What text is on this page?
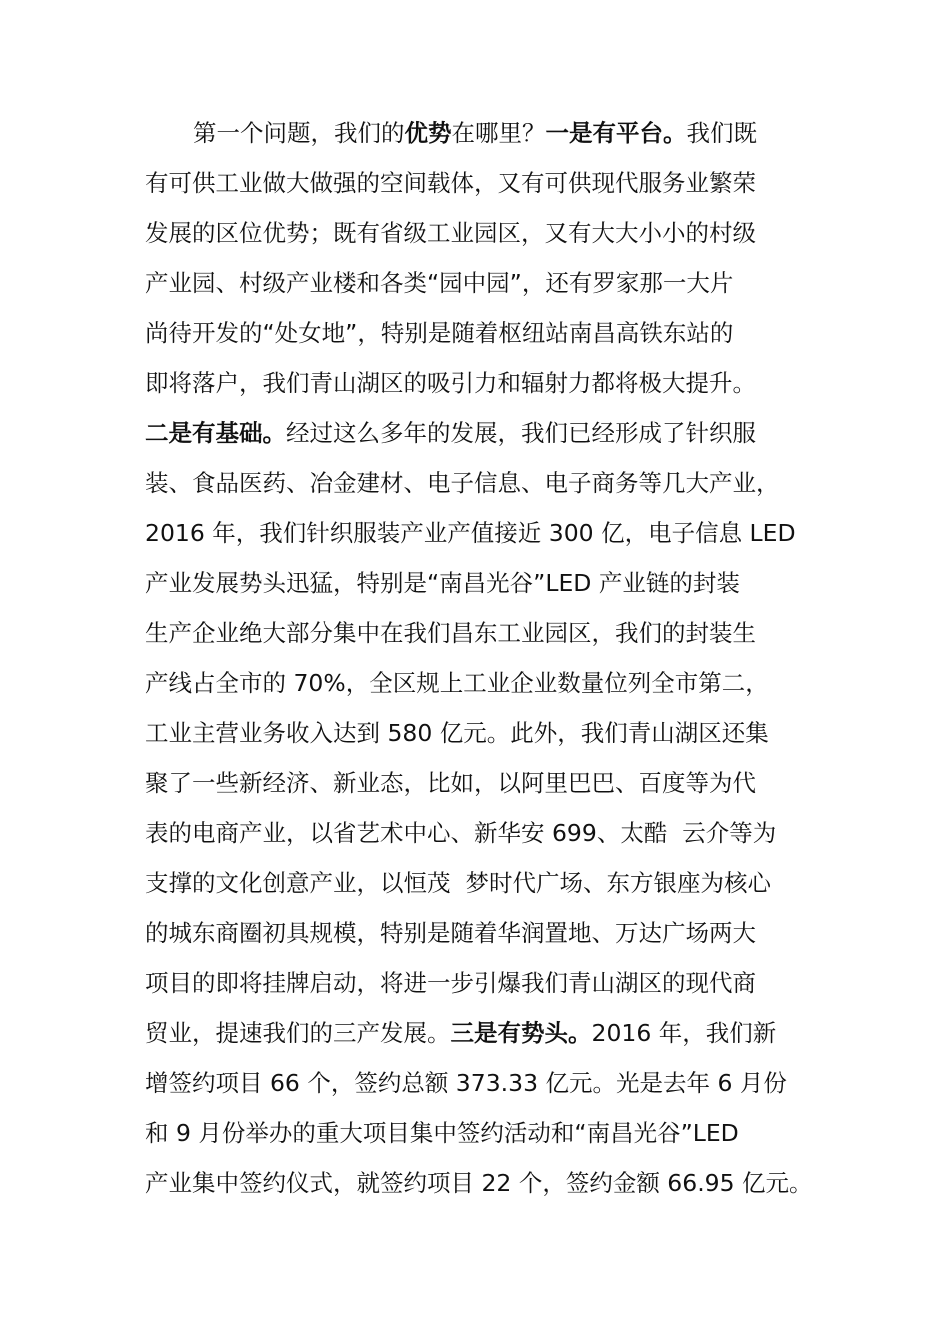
第一个问题，我们的优势在哪里？一是有平台。我们既
有可供工业做大做强的空间载体，又有可供现代服务业繁荣
发展的区位优势；既有省级工业园区，又有大大小小的村级
产业园、村级产业楼和各类“园中园”，还有罗家那一大片
尚待开发的“处女地”，特别是随着枢纽站南昌高铁东站的
即将落户，我们青山湖区的吸引力和辐射力都将极大提升。
二是有基础。经过这么多年的发展，我们已经形成了针织服
装、食品医药、冶金建材、电子信息、电子商务等几大产业，
2016 年，我们针织服装产业产值接近 300 亿，电子信息 LED
产业发展势头迅猛，特别是“南昌光谷”LED 产业链的封装
生产企业绝大部分集中在我们昌东工业园区，我们的封装生
产线占全市的 70%，全区规上工业企业数量位列全市第二，
工业主营业务收入达到 580 亿元。此外，我们青山湖区还集
聚了一些新经济、新业态，比如，以阿里巴巴、百度等为代
表的电商产业，以省艺术中心、新华安 699、太酷  云介等为
支撑的文化创意产业，以恒茂  梦时代广场、东方银座为核心
的城东商圈初具规模，特别是随着华润置地、万达广场两大
项目的即将挂牌启动，将进一步引爆我们青山湖区的现代商
贸业，提速我们的三产发展。三是有势头。2016 年，我们新
增签约项目 66 个，签约总额 373.33 亿元。光是去年 6 月份
和 9 月份举办的重大项目集中签约活动和“南昌光谷”LED
产业集中签约仪式，就签约项目 22 个，签约金额 66.95 亿元。
